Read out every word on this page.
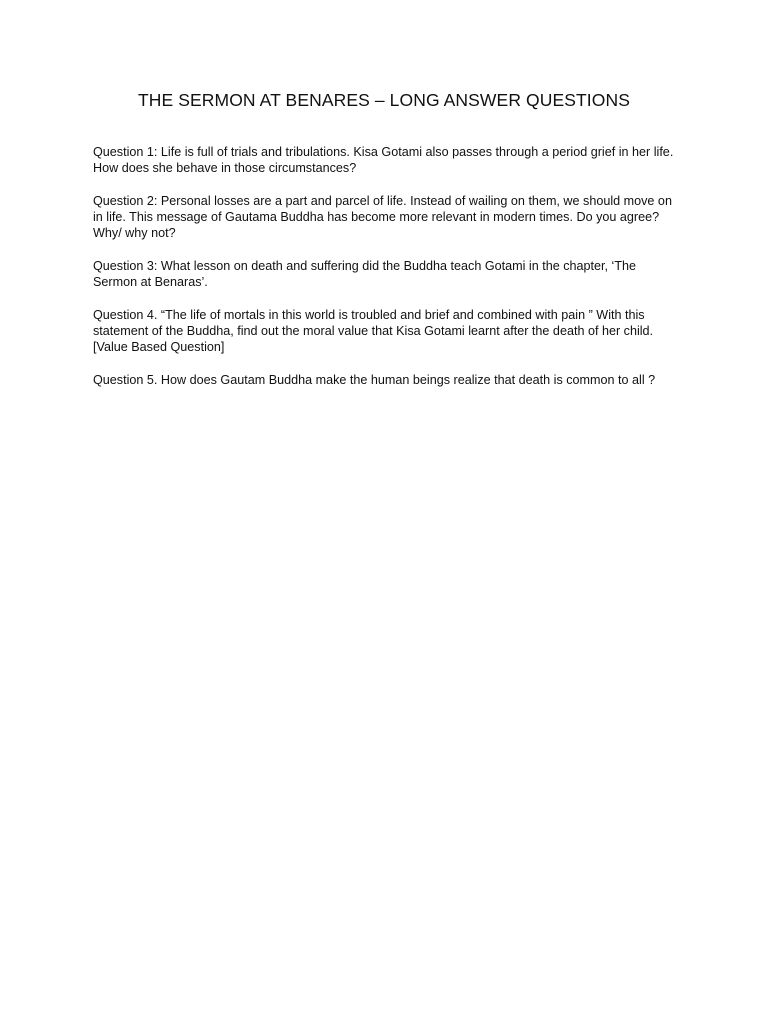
THE SERMON AT BENARES – LONG ANSWER QUESTIONS

Question 1: Life is full of trials and tribulations. Kisa Gotami also passes through a period grief in her life. How does she behave in those circumstances?

Question 2: Personal losses are a part and parcel of life. Instead of wailing on them, we should move on in life. This message of Gautama Buddha has become more relevant in modern times. Do you agree? Why/ why not?

Question 3: What lesson on death and suffering did the Buddha teach Gotami in the chapter, ‘The Sermon at Benaras’.

Question 4. “The life of mortals in this world is troubled and brief and combined with pain ” With this statement of the Buddha, find out the moral value that Kisa Gotami learnt after the death of her child. [Value Based Question]

Question 5. How does Gautam Buddha make the human beings realize that death is common to all ?
